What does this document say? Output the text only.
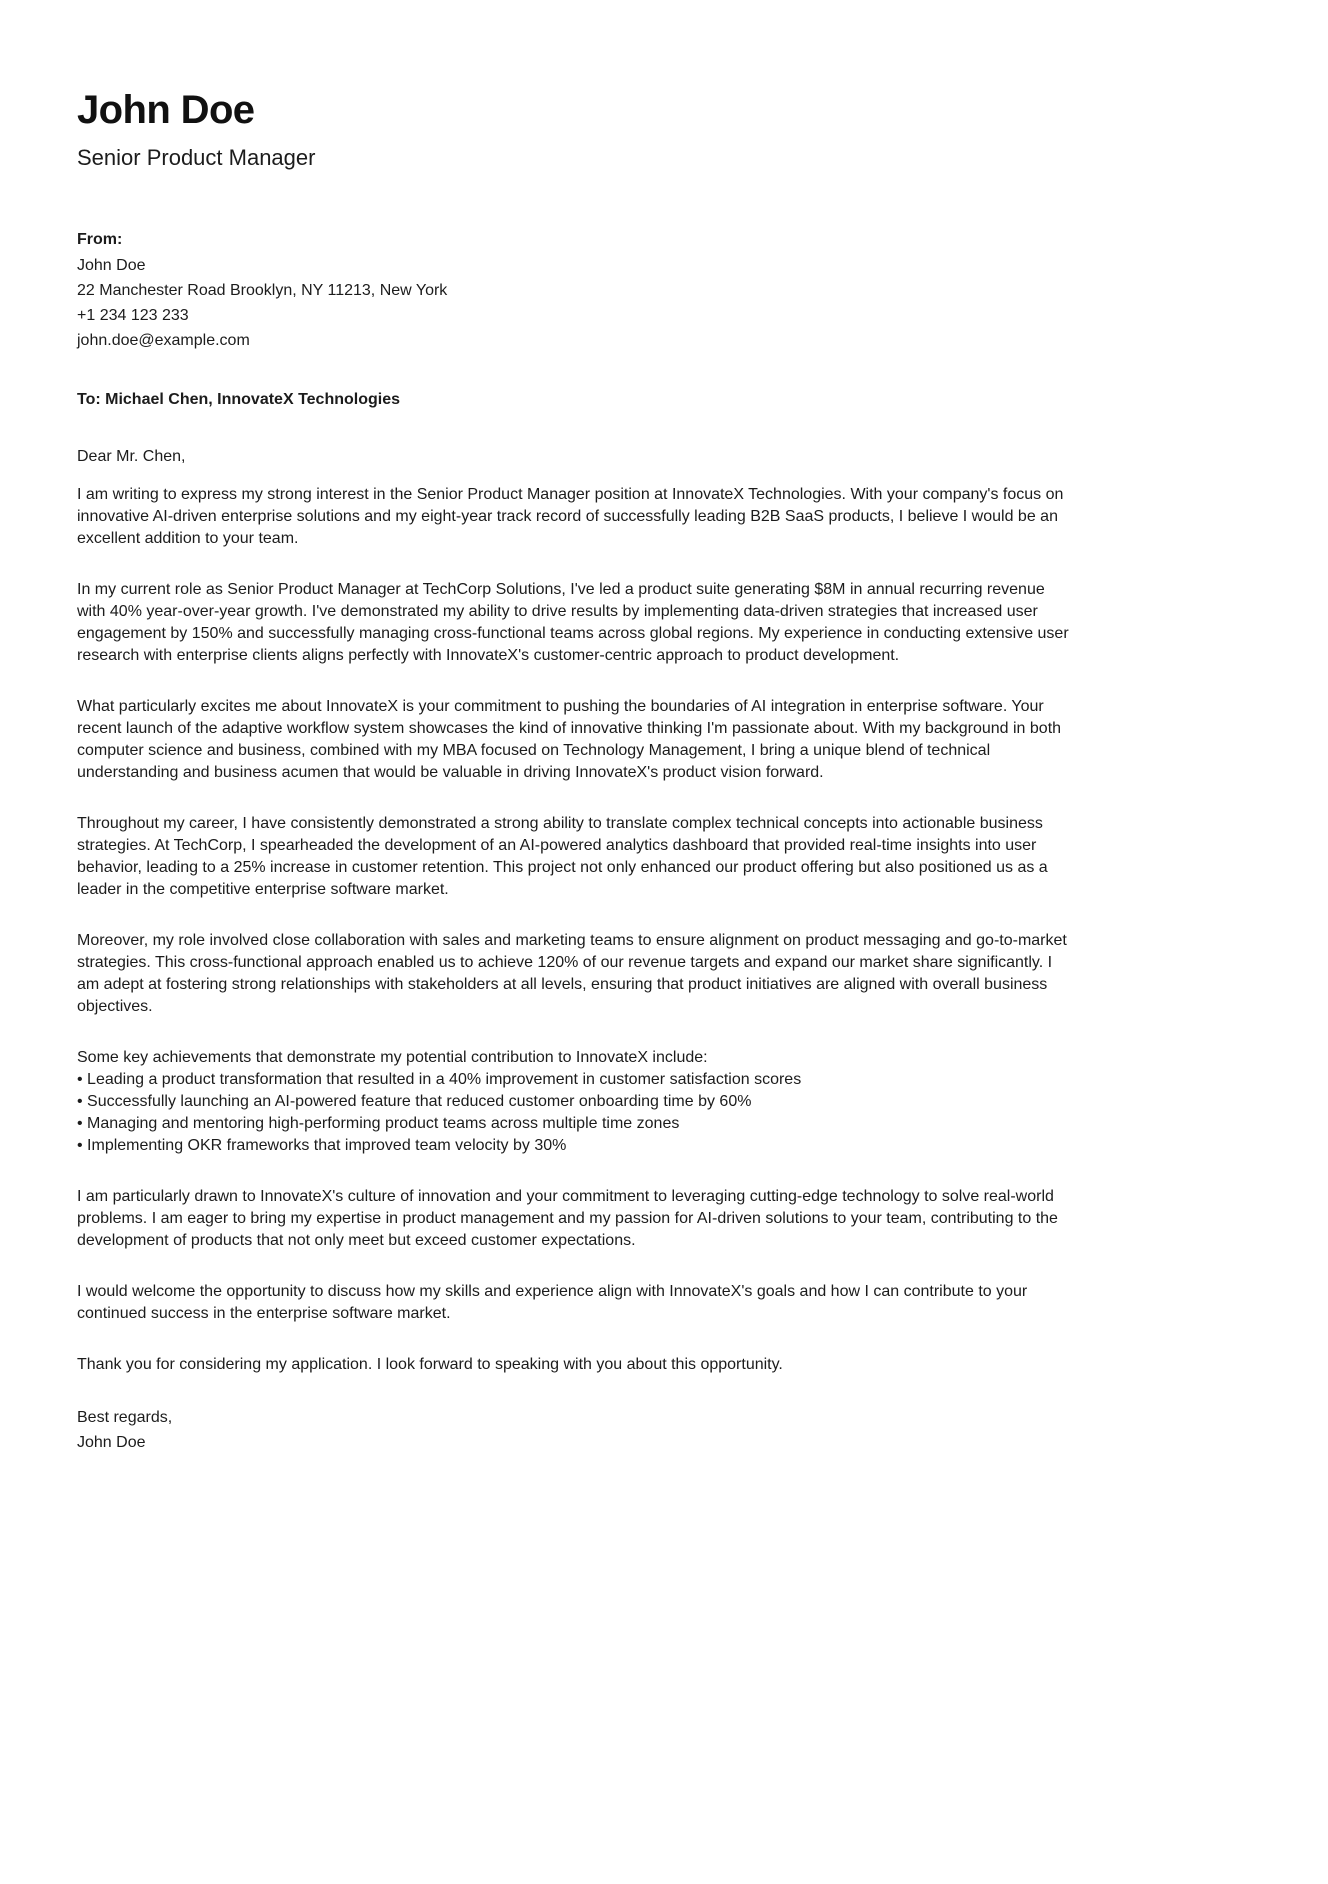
John Doe
Senior Product Manager
From:
John Doe
22 Manchester Road Brooklyn, NY 11213, New York
+1 234 123 233
john.doe@example.com
To: Michael Chen, InnovateX Technologies
Dear Mr. Chen,

I am writing to express my strong interest in the Senior Product Manager position at InnovateX Technologies. With your company's focus on innovative AI-driven enterprise solutions and my eight-year track record of successfully leading B2B SaaS products, I believe I would be an excellent addition to your team.

In my current role as Senior Product Manager at TechCorp Solutions, I've led a product suite generating $8M in annual recurring revenue with 40% year-over-year growth. I've demonstrated my ability to drive results by implementing data-driven strategies that increased user engagement by 150% and successfully managing cross-functional teams across global regions. My experience in conducting extensive user research with enterprise clients aligns perfectly with InnovateX's customer-centric approach to product development.

What particularly excites me about InnovateX is your commitment to pushing the boundaries of AI integration in enterprise software. Your recent launch of the adaptive workflow system showcases the kind of innovative thinking I'm passionate about. With my background in both computer science and business, combined with my MBA focused on Technology Management, I bring a unique blend of technical understanding and business acumen that would be valuable in driving InnovateX's product vision forward.

Throughout my career, I have consistently demonstrated a strong ability to translate complex technical concepts into actionable business strategies. At TechCorp, I spearheaded the development of an AI-powered analytics dashboard that provided real-time insights into user behavior, leading to a 25% increase in customer retention. This project not only enhanced our product offering but also positioned us as a leader in the competitive enterprise software market.

Moreover, my role involved close collaboration with sales and marketing teams to ensure alignment on product messaging and go-to-market strategies. This cross-functional approach enabled us to achieve 120% of our revenue targets and expand our market share significantly. I am adept at fostering strong relationships with stakeholders at all levels, ensuring that product initiatives are aligned with overall business objectives.

Some key achievements that demonstrate my potential contribution to InnovateX include:
• Leading a product transformation that resulted in a 40% improvement in customer satisfaction scores
• Successfully launching an AI-powered feature that reduced customer onboarding time by 60%
• Managing and mentoring high-performing product teams across multiple time zones
• Implementing OKR frameworks that improved team velocity by 30%

I am particularly drawn to InnovateX's culture of innovation and your commitment to leveraging cutting-edge technology to solve real-world problems. I am eager to bring my expertise in product management and my passion for AI-driven solutions to your team, contributing to the development of products that not only meet but exceed customer expectations.

I would welcome the opportunity to discuss how my skills and experience align with InnovateX's goals and how I can contribute to your continued success in the enterprise software market.

Thank you for considering my application. I look forward to speaking with you about this opportunity.

Best regards,
John Doe
